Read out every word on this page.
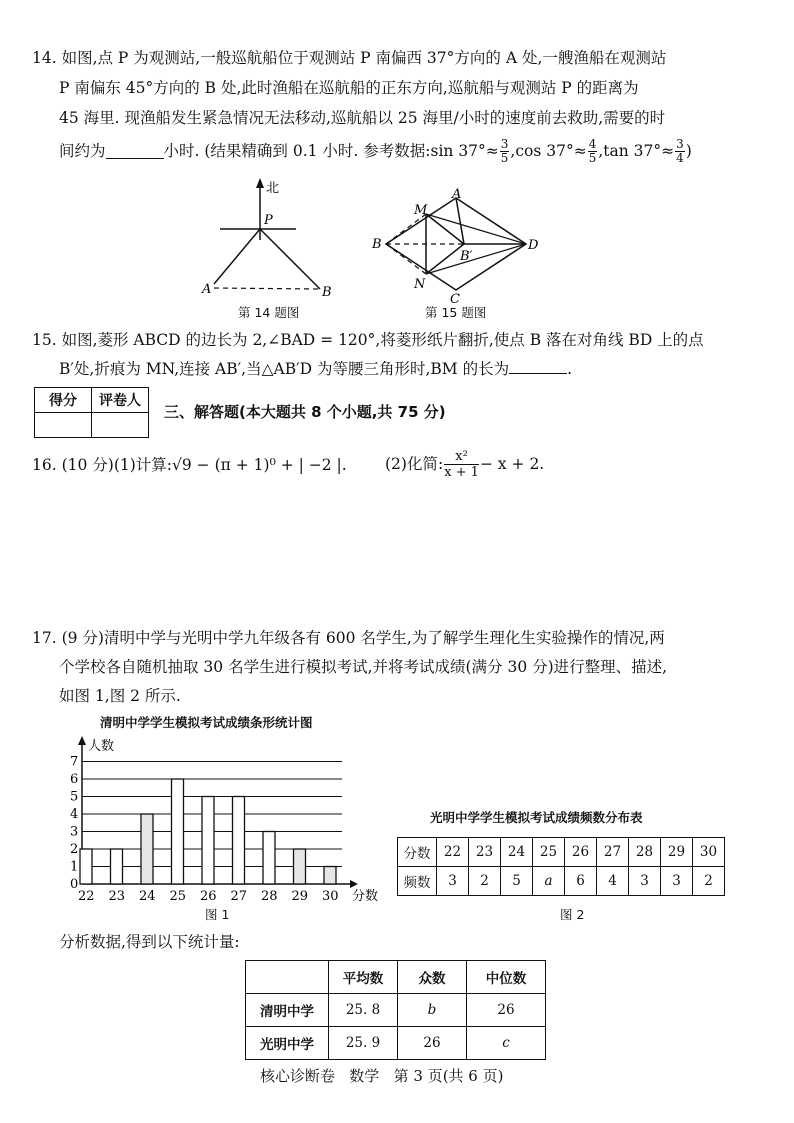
14. 如图,点 P 为观测站,一般巡航船位于观测站 P 南偏西 37°方向的 A 处,一艘渔船在观测站
P 南偏东 45°方向的 B 处,此时渔船在巡航船的正东方向,巡航船与观测站 P 的距离为
45 海里. 现渔船发生紧急情况无法移动,巡航船以 25 海里/小时的速度前去救助,需要的时
间约为	小时. (结果精确到 0.1 小时. 参考数据:sin $37^\circ\approx \frac{3}{5} ,\cos$ $37^\circ\approx \frac{4}{5} ,\tan$ $37^\circ\approx \frac{3}{4}$ )
北
P
A	B
第 14 题图
A
M
B
B′
N
C
D
第 15 题图
15. 如图,菱形 ABCD 的边长为 2,∠BAD = 120°,将菱形纸片翻折,使点 B 落在对角线 BD 上的点
B′处,折痕为 MN,连接 AB′,当△AB′D 为等腰三角形时,BM 的长为	.
得分	评卷人

三、解答题(本大题共 8 个小题,共 75 分)
16. (10 分)(1)计算:√9 − (π + 1)⁰ + | −2 |. (2)化简: $\frac{\text{x²}}{x + 1} - x + 2$.
17. (9 分)清明中学与光明中学九年级各有 600 名学生,为了解学生理化生实验操作的情况,两
个学校各自随机抽取 30 名学生进行模拟考试,并将考试成绩(满分 30 分)进行整理、描述,
如图 1,图 2 所示.
清明中学学生模拟考试成绩条形统计图
0
1
2
3
4
5
6
7
人数
22 23 24 25 26 27 28 29 30 分数
图 1
光明中学学生模拟考试成绩频数分布表
分数	22	23	24	25	26	27	28	29	30
频数	3	2	5	a	6	4	3	3	2
图 2
分析数据,得到以下统计量:
	平均数	众数	中位数
清明中学	25. 8	b	26
光明中学	25. 9	26	c
核心诊断卷   数学   第 3 页(共 6 页)
